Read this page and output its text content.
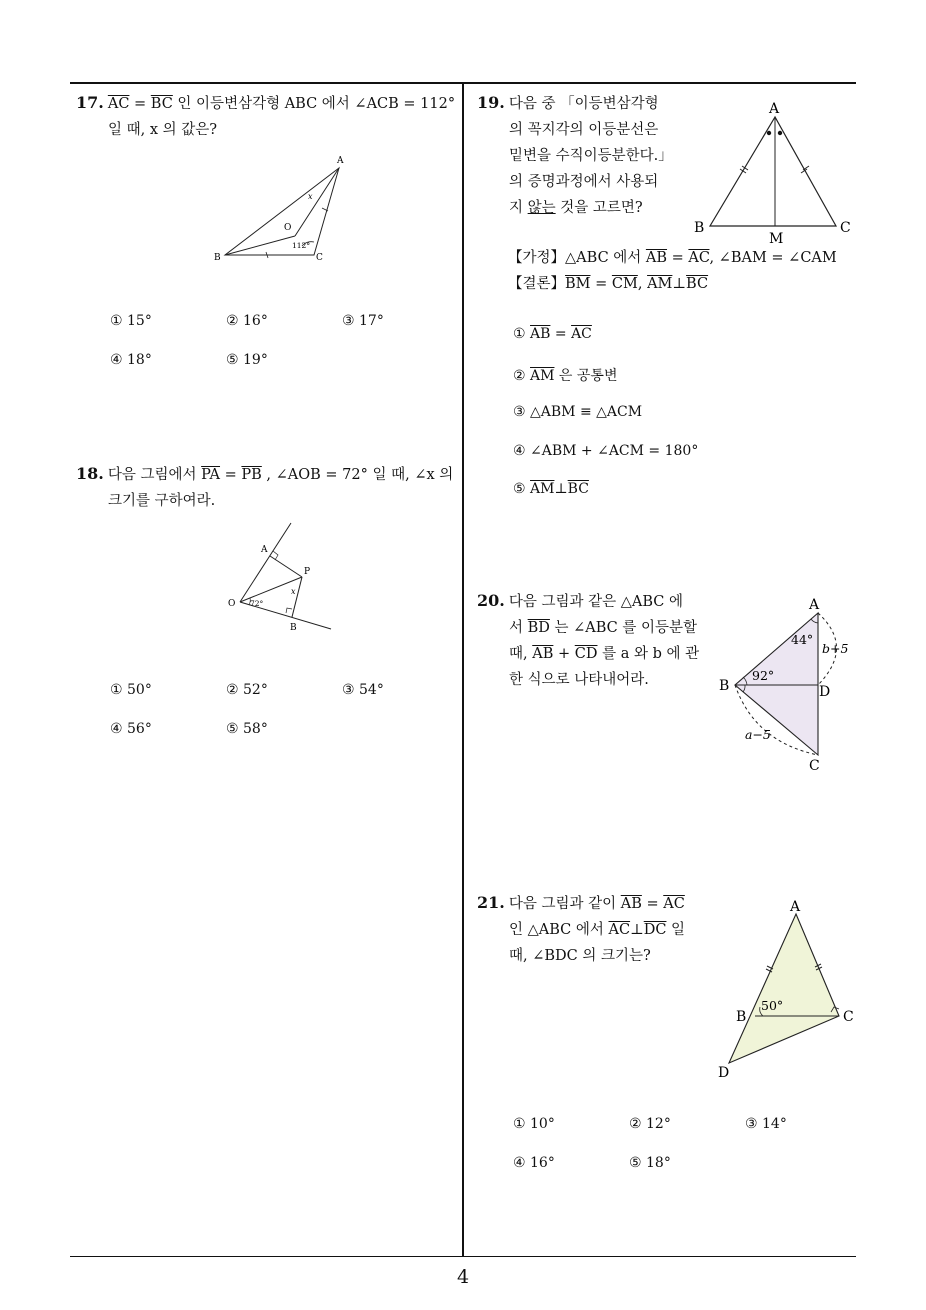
4
17. $\overline{AC} = \overline{BC}$ 인 이등변삼각형 ABC 에서 ∠ACB = 112°
일 때, x 의 값은?
A
B	C
O
x
112°
① 15°	② 16°	③ 17°
④ 18°	⑤ 19°
18. 다음 그림에서 $\overline{PA} = \overline{PB}$ , ∠AOB = 72° 일 때, ∠x 의
크기를 구하여라.
A
B
O
P
x
72°
① 50°	② 52°	③ 54°
④ 56°	⑤ 58°
19. 다음 중 「이등변삼각형
의 꼭지각의 이등분선은
밑변을 수직이등분한다.」
의 증명과정에서 사용되
지 않는 것을 고르면?
A
B	C
M
【가정】△ABC 에서 $\overline{AB} = \overline{AC}$, ∠BAM = ∠CAM
【결론】$\overline{BM} = \overline{CM}$, $\overline{AM}\perp\overline{BC}$
① $\overline{AB} = \overline{AC}$
② $\overline{AM}$ 은 공통변
③ △ABM ≡ △ACM
④ ∠ABM + ∠ACM = 180°
⑤ $\overline{AM}\perp\overline{BC}$
20. 다음 그림과 같은 △ABC 에
서 $\overline{BD}$ 는 ∠ABC 를 이등분할
때, $\overline{AB} + \overline{CD}$ 를 a 와 b 에 관
한 식으로 나타내어라.
A
B
C
D
44°
92°
b+5
a−5
21. 다음 그림과 같이 $\overline{AB} = \overline{AC}$
인 △ABC 에서 $\overline{AC}\perp\overline{DC}$ 일
때, ∠BDC 의 크기는?
A
B	C
D
50°
① 10°	② 12°	③ 14°
④ 16°	⑤ 18°
